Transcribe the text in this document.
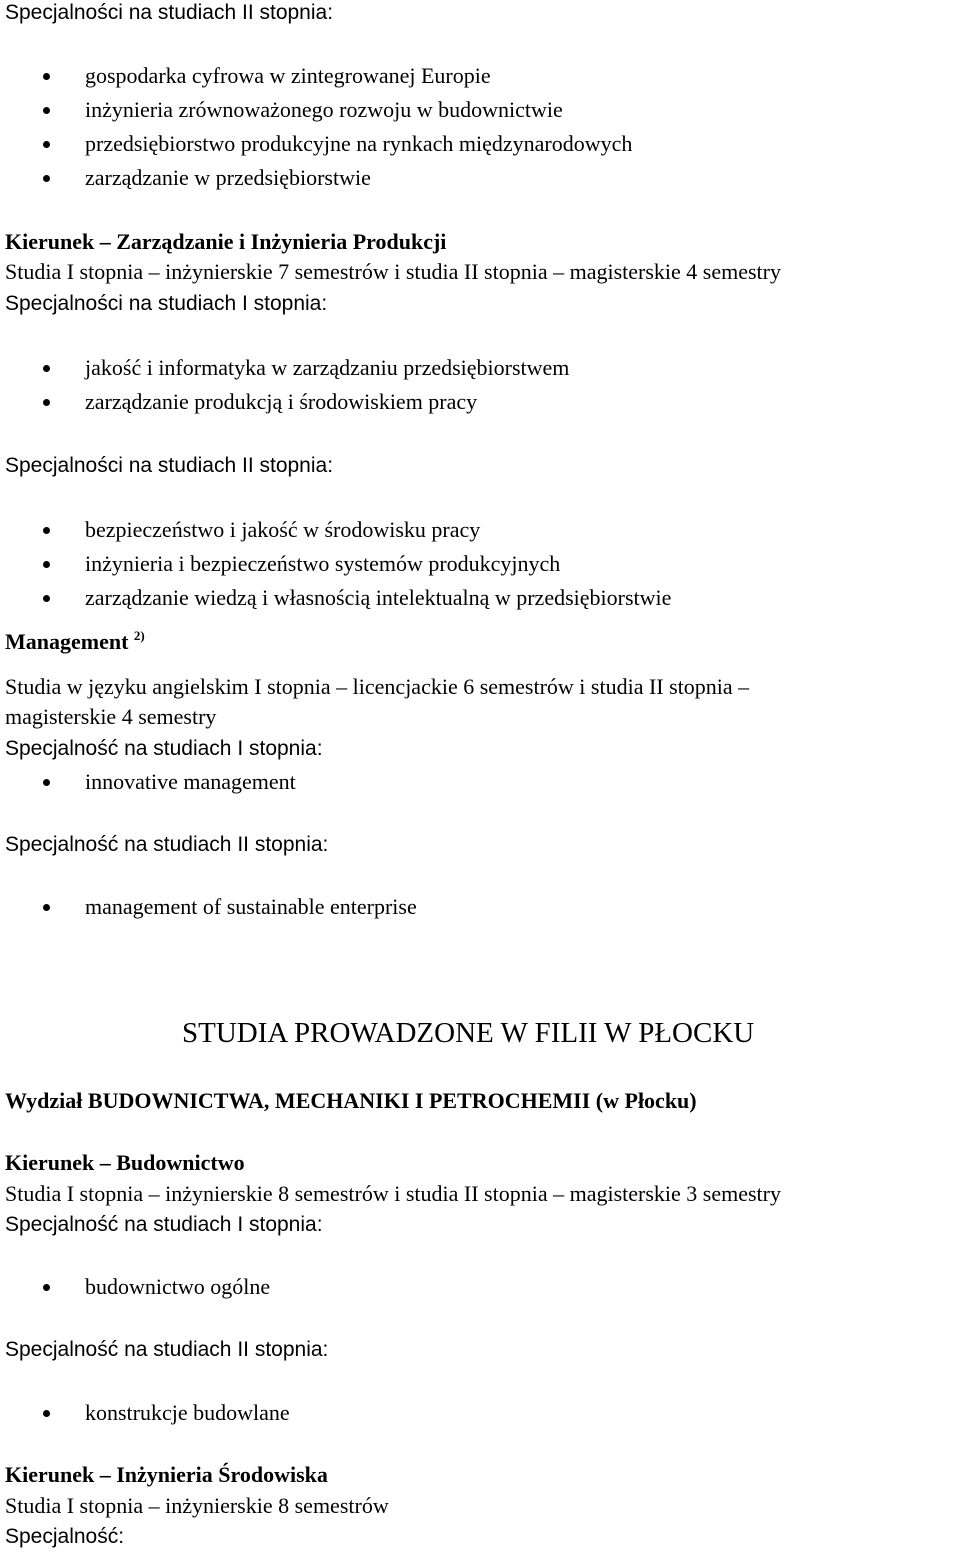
Specjalności na studiach II stopnia:
gospodarka cyfrowa w zintegrowanej Europie
inżynieria zrównoważonego rozwoju w budownictwie
przedsiębiorstwo produkcyjne na rynkach międzynarodowych
zarządzanie w przedsiębiorstwie
Kierunek – Zarządzanie i Inżynieria Produkcji
Studia I stopnia – inżynierskie 7 semestrów i studia II stopnia – magisterskie 4 semestry
Specjalności na studiach I stopnia:
jakość i informatyka w zarządzaniu przedsiębiorstwem
zarządzanie produkcją i środowiskiem pracy
Specjalności na studiach II stopnia:
bezpieczeństwo i jakość w środowisku pracy
inżynieria i bezpieczeństwo systemów produkcyjnych
zarządzanie wiedzą i własnością intelektualną w przedsiębiorstwie
Management $^{2)}$
Studia w języku angielskim I stopnia – licencjackie 6 semestrów i studia II stopnia –
magisterskie 4 semestry
Specjalność na studiach I stopnia:
innovative management
Specjalność na studiach II stopnia:
management of sustainable enterprise
STUDIA PROWADZONE W FILII W PŁOCKU
Wydział BUDOWNICTWA, MECHANIKI I PETROCHEMII (w Płocku)
Kierunek – Budownictwo
Studia I stopnia – inżynierskie 8 semestrów i studia II stopnia – magisterskie 3 semestry
Specjalność na studiach I stopnia:
budownictwo ogólne
Specjalność na studiach II stopnia:
konstrukcje budowlane
Kierunek – Inżynieria Środowiska
Studia I stopnia – inżynierskie 8 semestrów
Specjalność:
